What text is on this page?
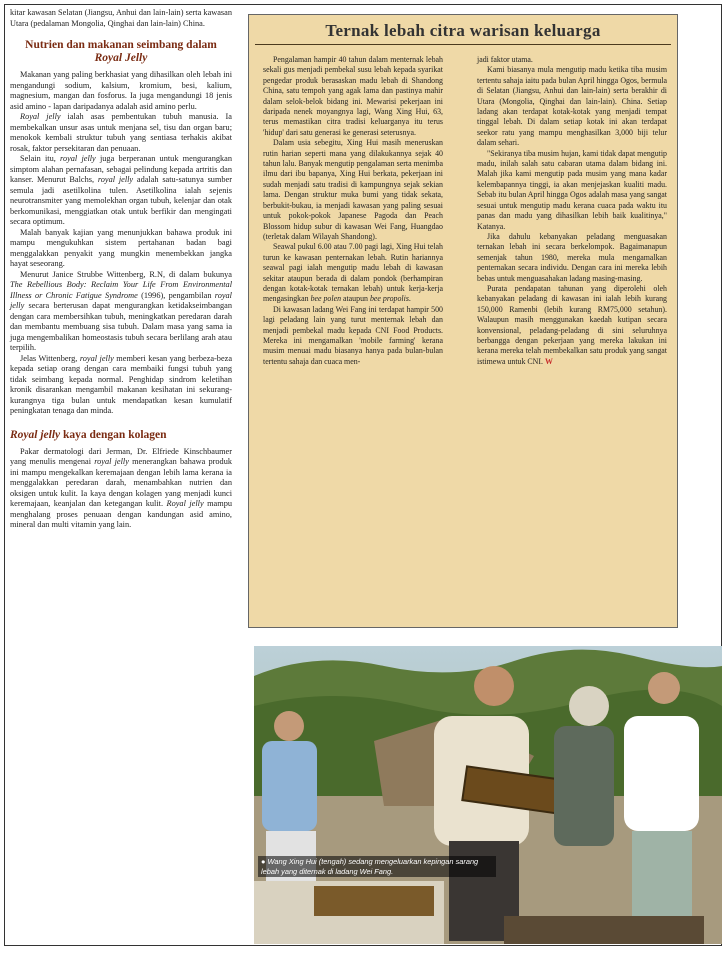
kitar kawasan Selatan (Jiangsu, Anhui dan lain-lain) serta kawasan Utara (pedalaman Mongolia, Qinghai dan lain-lain) China.

Nutrien dan makanan seimbang dalam Royal Jelly

Makanan yang paling berkhasiat yang dihasilkan oleh lebah ini mengandungi sodium, kalsium, kromium, besi, kalium, magnesium, mangan dan fosforus. Ia juga mengandungi 18 jenis asid amino - lapan daripadanya adalah asid amino perlu.

Royal jelly ialah asas pembentukan tubuh manusia. Ia membekalkan unsur asas untuk menjana sel, tisu dan organ baru; menokok kembali struktur tubuh yang sentiasa terhakis akibat rosak, faktor persekitaran dan penuaan.

Selain itu, royal jelly juga berperanan untuk mengurangkan simptom alahan pernafasan, sebagai pelindung kepada artritis dan kanser. Menurut Balchs, royal jelly adalah satu-satunya sumber semula jadi asetilkolina tulen. Asetilkolina ialah sejenis neurotransmiter yang memolekhan organ tubuh, kelenjar dan otak berkomunikasi, menggiatkan otak untuk berfikir dan mengingati secara optimum.

Malah banyak kajian yang menunjukkan bahawa produk ini mampu mengukuhkan sistem pertahanan badan bagi menggalakkan penyakit yang mungkin menembekkan jangka hayat seseorang.

Menurut Janice Strubbe Wittenberg, R.N, di dalam bukunya The Rebellious Body: Reclaim Your Life From Environmental Illness or Chronic Fatigue Syndrome (1996), pengambilan royal jelly secara berterusan dapat mengurangkan ketidakseimbangan dengan cara membersihkan tubuh, meningkatkan peredaran darah dan membantu membuang sisa tubuh. Dalam masa yang sama ia juga mengembalikan homeostasis tubuh secara berlilang arah atau terpilih.

Jelas Wittenberg, royal jelly memberi kesan yang berbeza-beza kepada setiap orang dengan cara membaiki fungsi tubuh yang tidak seimbang kepada normal. Penghidap sindrom keletihan kronik disarankan mengambil makanan kesihatan ini sekurang-kurangnya tiga bulan untuk mendapatkan kesan kumulatif peningkatan tenaga dan minda.

Royal jelly kaya dengan kolagen

Pakar dermatologi dari Jerman, Dr. Elfriede Kinschbaumer yang menulis mengenai royal jelly menerangkan bahawa produk ini mampu mengekalkan keremajaan dengan lebih lama kerana ia menggalakkan peredaran darah, menambahkan nutrien dan oksigen untuk kulit. Ia kaya dengan kolagen yang menjadi kunci keremajaan, keanjalan dan ketegangan kulit. Royal jelly mampu menghalang proses penuaan dengan kandungan asid amino, mineral dan multi vitamin yang lain.

Ternak lebah citra warisan keluarga

Pengalaman hampir 40 tahun dalam menternak lebah sekali gus menjadi pembekal susu lebah kepada syarikat pengedar produk berasaskan madu lebah di Shandong China, satu tempoh yang agak lama dan pastinya mahir dalam selok-belok bidang ini. Mewarisi pekerjaan ini daripada nenek moyangnya lagi, Wang Xing Hui, 63, terus memastikan citra tradisi keluarganya itu terus 'hidup' dari satu generasi ke generasi seterusnya.

Dalam usia sebegitu, Xing Hui masih meneruskan rutin harian seperti mana yang dilakukannya sejak 40 tahun lalu. Banyak mengutip pengalaman serta menimba ilmu dari ibu bapanya, Xing Hui berkata, pekerjaan ini sudah menjadi satu tradisi di kampungnya sejak sekian lama. Dengan struktur muka bumi yang tidak sekata, berbukit-bukau, ia menjadi kawasan yang paling sesuai untuk pokok-pokok Japanese Pagoda dan Peach Blossom hidup subur di kawasan Wei Fang, Huangdao (terletak dalam Wilayah Shandong).

Seawal pukul 6.00 atau 7.00 pagi lagi, Xing Hui telah turun ke kawasan penternakan lebah. Rutin hariannya seawal pagi ialah mengutip madu lebah di kawasan sekitar ataupun berada di dalam pondok (berhampiran dengan kotak-kotak ternakan lebah) untuk kerja-kerja mengasingkan bee polen ataupun bee propolis.

Di kawasan ladang Wei Fang ini terdapat hampir 500 lagi peladang lain yang turut menternak lebah dan menjadi pembekal madu kepada CNI Food Products. Mereka ini mengamalkan 'mobile farming' kerana musim menuai madu biasanya hanya pada bulan-bulan tertentu sahaja dan cuaca men-

jadi faktor utama.

Kami biasanya mula mengutip madu ketika tiba musim tertentu sahaja iaitu pada bulan April hingga Ogos, bermula di Selatan (Jiangsu, Anhui dan lain-lain) serta berakhir di Utara (Mongolia, Qinghai dan lain-lain). China. Setiap ladang akan terdapat kotak-kotak yang menjadi tempat tinggal lebah. Di dalam setiap kotak ini akan terdapat seekor ratu yang mampu menghasilkan 3,000 biji telur dalam sehari.

"Sekiranya tiba musim hujan, kami tidak dapat mengutip madu, inilah salah satu cabaran utama dalam bidang ini. Malah jika kami mengutip pada musim yang mana kadar kelembapannya tinggi, ia akan menjejaskan kualiti madu. Sebab itu bulan April hingga Ogos adalah masa yang sangat sesuai untuk mengutip madu kerana cuaca pada waktu itu panas dan madu yang dihasilkan lebih baik kualitinya," Katanya.

Jika dahulu kebanyakan peladang menguasakan ternakan lebah ini secara berkelompok. Bagaimanapun semenjak tahun 1980, mereka mula mengamalkan penternakan secara individu. Dengan cara ini mereka lebih bebas untuk menguasahakan ladang masing-masing.

Purata pendapatan tahunan yang diperolehi oleh kebanyakan peladang di kawasan ini ialah lebih kurang 150,000 Ramenbi (lebih kurang RM75,000 setahun). Walaupun masih menggunakan kaedah kutipan secara konvensional, peladang-peladang di sini seluruhnya berbangga dengan pekerjaan yang mereka lakukan ini kerana mereka telah membekalkan satu produk yang sangat istimewa untuk CNI. W

● Wang Xing Hui (tengah) sedang mengeluarkan kepingan sarang lebah yang diternak di ladang Wei Fang.
